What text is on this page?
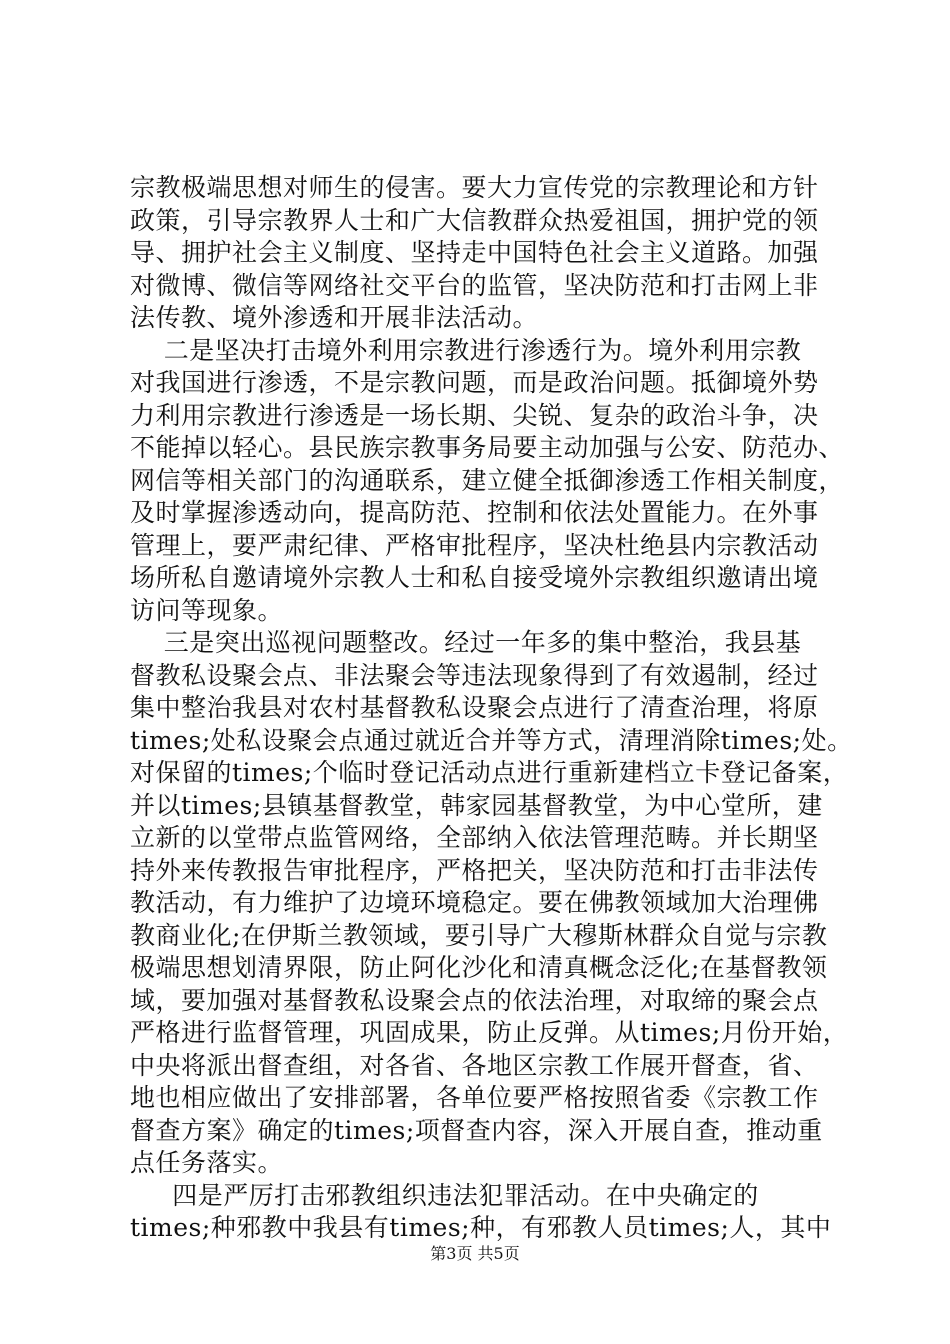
宗教极端思想对师生的侵害。要大力宣传党的宗教理论和方针
政策，引导宗教界人士和广大信教群众热爱祖国，拥护党的领
导、拥护社会主义制度、坚持走中国特色社会主义道路。加强
对微博、微信等网络社交平台的监管，坚决防范和打击网上非
法传教、境外渗透和开展非法活动。
二是坚决打击境外利用宗教进行渗透行为。境外利用宗教
对我国进行渗透，不是宗教问题，而是政治问题。抵御境外势
力利用宗教进行渗透是一场长期、尖锐、复杂的政治斗争，决
不能掉以轻心。县民族宗教事务局要主动加强与公安、防范办、
网信等相关部门的沟通联系，建立健全抵御渗透工作相关制度，
及时掌握渗透动向，提高防范、控制和依法处置能力。在外事
管理上，要严肃纪律、严格审批程序，坚决杜绝县内宗教活动
场所私自邀请境外宗教人士和私自接受境外宗教组织邀请出境
访问等现象。
三是突出巡视问题整改。经过一年多的集中整治，我县基
督教私设聚会点、非法聚会等违法现象得到了有效遏制，经过
集中整治我县对农村基督教私设聚会点进行了清查治理，将原
times;处私设聚会点通过就近合并等方式，清理消除times;处。
对保留的times;个临时登记活动点进行重新建档立卡登记备案，
并以times;县镇基督教堂，韩家园基督教堂，为中心堂所，建
立新的以堂带点监管网络，全部纳入依法管理范畴。并长期坚
持外来传教报告审批程序，严格把关，坚决防范和打击非法传
教活动，有力维护了边境环境稳定。要在佛教领域加大治理佛
教商业化;在伊斯兰教领域，要引导广大穆斯林群众自觉与宗教
极端思想划清界限，防止阿化沙化和清真概念泛化;在基督教领
域，要加强对基督教私设聚会点的依法治理，对取缔的聚会点
严格进行监督管理，巩固成果，防止反弹。从times;月份开始，
中央将派出督查组，对各省、各地区宗教工作展开督查，省、
地也相应做出了安排部署，各单位要严格按照省委《宗教工作
督查方案》确定的times;项督查内容，深入开展自查，推动重
点任务落实。
四是严厉打击邪教组织违法犯罪活动。在中央确定的
times;种邪教中我县有times;种，有邪教人员times;人，其中
第3页 共5页
